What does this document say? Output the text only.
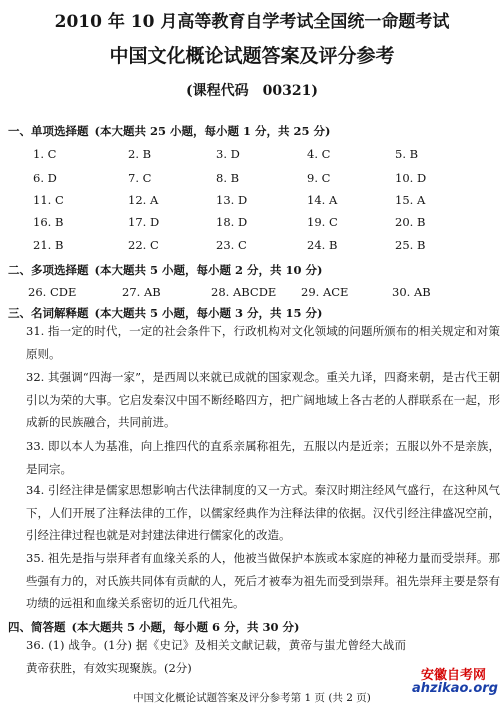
2010 年 10 月高等教育自学考试全国统一命题考试
中国文化概论试题答案及评分参考
(课程代码　00321)
一、单项选择题 (本大题共 25 小题，每小题 1 分，共 25 分)
1. C	2. B	3. D	4. C	5. B
6. D	7. C	8. B	9. C	10. D
11. C	12. A	13. D	14. A	15. A
16. B	17. D	18. D	19. C	20. B
21. B	22. C	23. C	24. B	25. B
二、多项选择题 (本大题共 5 小题，每小题 2 分，共 10 分)
26. CDE	27. AB	28. ABCDE 29. ACE	30. AB
三、名词解释题 (本大题共 5 小题，每小题 3 分，共 15 分)

31. 指一定的时代，一定的社会条件下，行政机构对文化领域的问题所颁布的相关规定和对策原则。

32. 其强调“四海一家”，是西周以来就已成就的国家观念。重关九译，四裔来朝，是古代王朝引以为荣的大事。它启发秦汉中国不断经略四方，把广阔地域上各古老的人群联系在一起，形成新的民族融合，共同前进。

33. 即以本人为基准，向上推四代的直系亲属称祖先，五服以内是近亲；五服以外不是亲族，是同宗。

34. 引经注律是儒家思想影响古代法律制度的又一方式。秦汉时期注经风气盛行，在这种风气下，人们开展了注释法律的工作，以儒家经典作为注释法律的依据。汉代引经注律盛况空前，引经注律过程也就是对封建法律进行儒家化的改造。

35. 祖先是指与崇拜者有血缘关系的人，他被当做保护本族或本家庭的神秘力量而受崇拜。那些强有力的，对氏族共同体有贡献的人，死后才被奉为祖先而受到崇拜。祖先崇拜主要是祭有功绩的远祖和血缘关系密切的近几代祖先。

四、简答题 (本大题共 5 小题，每小题 6 分，共 30 分)

36. (1) 战争。(1分) 据《史记》及相关文献记载，黄帝与蚩尤曾经大战而黄帝获胜，有效实现聚族。(2分)

中国文化概论试题答案及评分参考第 1 页 (共 2 页)
安徽自考网
ahzikao.org
